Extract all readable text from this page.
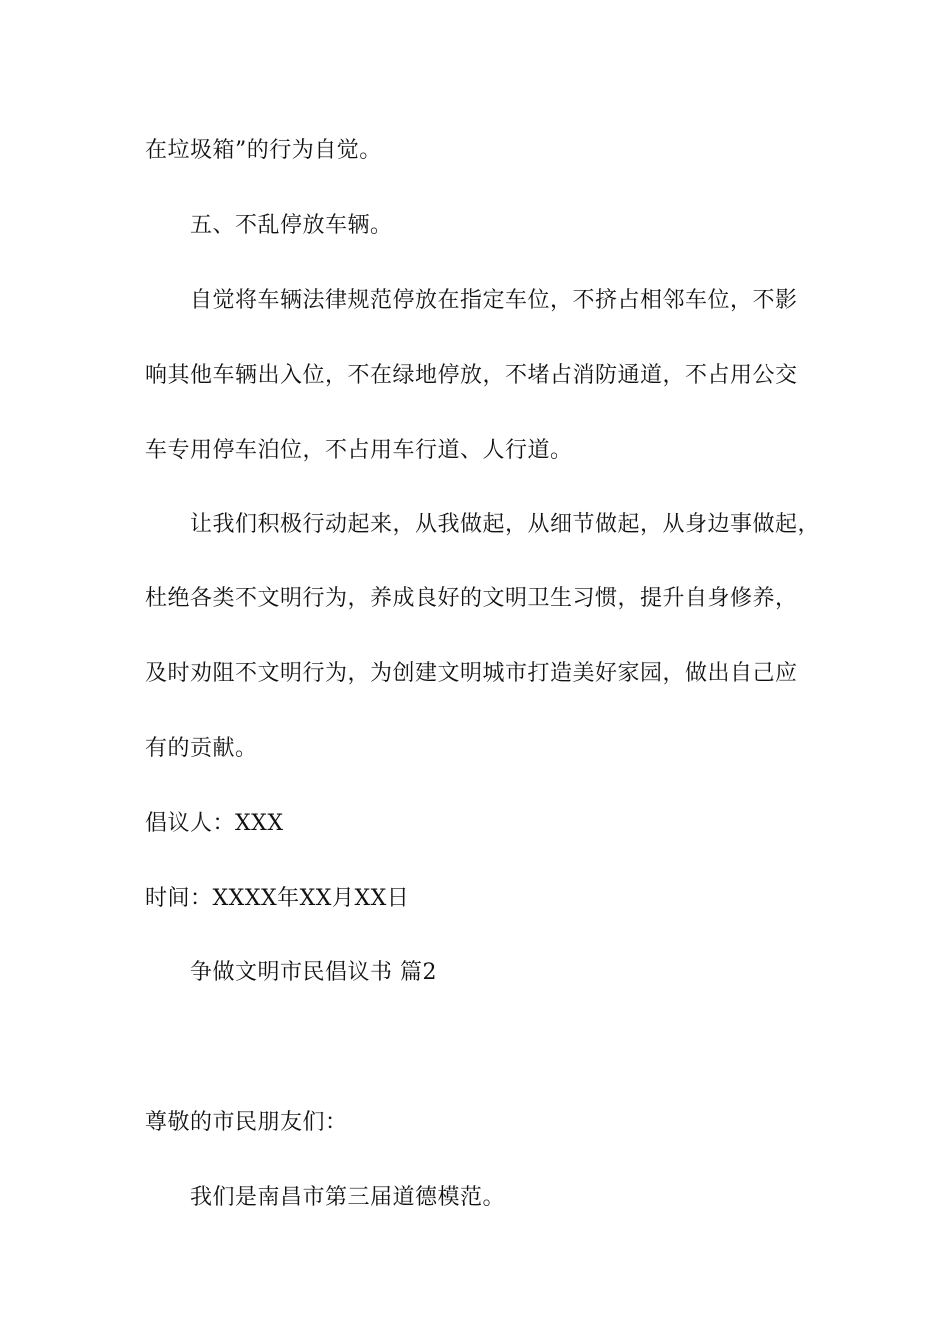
在垃圾箱”的行为自觉。
五、不乱停放车辆。
自觉将车辆法律规范停放在指定车位，不挤占相邻车位，不影
响其他车辆出入位，不在绿地停放，不堵占消防通道，不占用公交
车专用停车泊位，不占用车行道、人行道。
让我们积极行动起来，从我做起，从细节做起，从身边事做起，
杜绝各类不文明行为，养成良好的文明卫生习惯，提升自身修养，
及时劝阻不文明行为，为创建文明城市打造美好家园，做出自己应
有的贡献。
倡议人：XXX
时间：XXXX年XX月XX日
争做文明市民倡议书 篇2
尊敬的市民朋友们：
我们是南昌市第三届道德模范。
